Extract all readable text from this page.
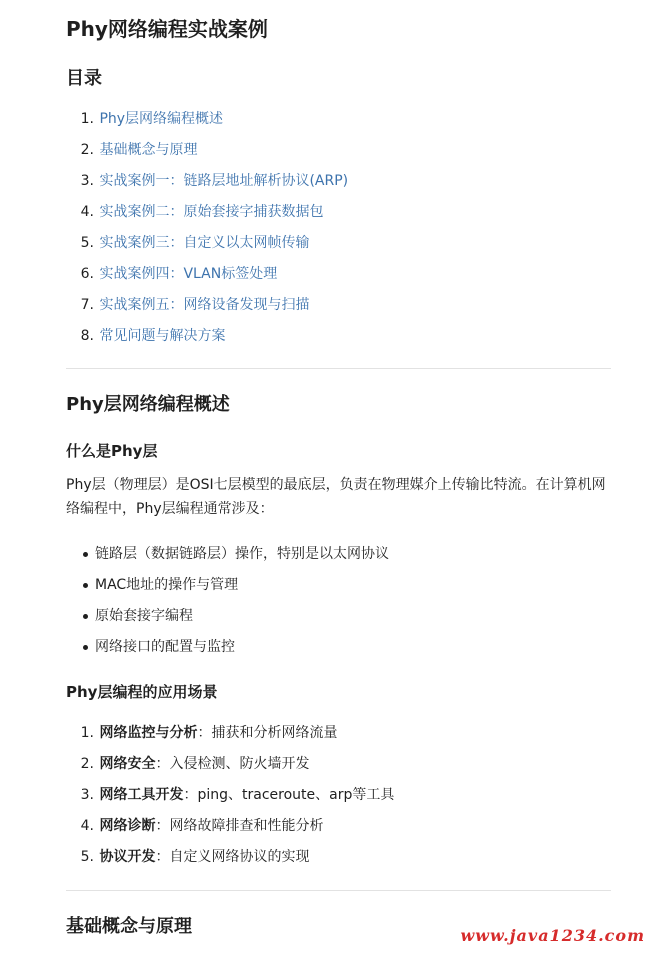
Phy网络编程实战案例
目录
1. Phy层网络编程概述
2. 基础概念与原理
3. 实战案例一：链路层地址解析协议(ARP)
4. 实战案例二：原始套接字捕获数据包
5. 实战案例三：自定义以太网帧传输
6. 实战案例四：VLAN标签处理
7. 实战案例五：网络设备发现与扫描
8. 常见问题与解决方案
Phy层网络编程概述
什么是Phy层

Phy层（物理层）是OSI七层模型的最底层，负责在物理媒介上传输比特流。在计算机网络编程中，Phy层编程通常涉及：

链路层（数据链路层）操作，特别是以太网协议
MAC地址的操作与管理
原始套接字编程
网络接口的配置与监控
Phy层编程的应用场景
1. 网络监控与分析：捕获和分析网络流量
2. 网络安全：入侵检测、防火墙开发
3. 网络工具开发：ping、traceroute、arp等工具
4. 网络诊断：网络故障排查和性能分析
5. 协议开发：自定义网络协议的实现
基础概念与原理	www.java1234.com
